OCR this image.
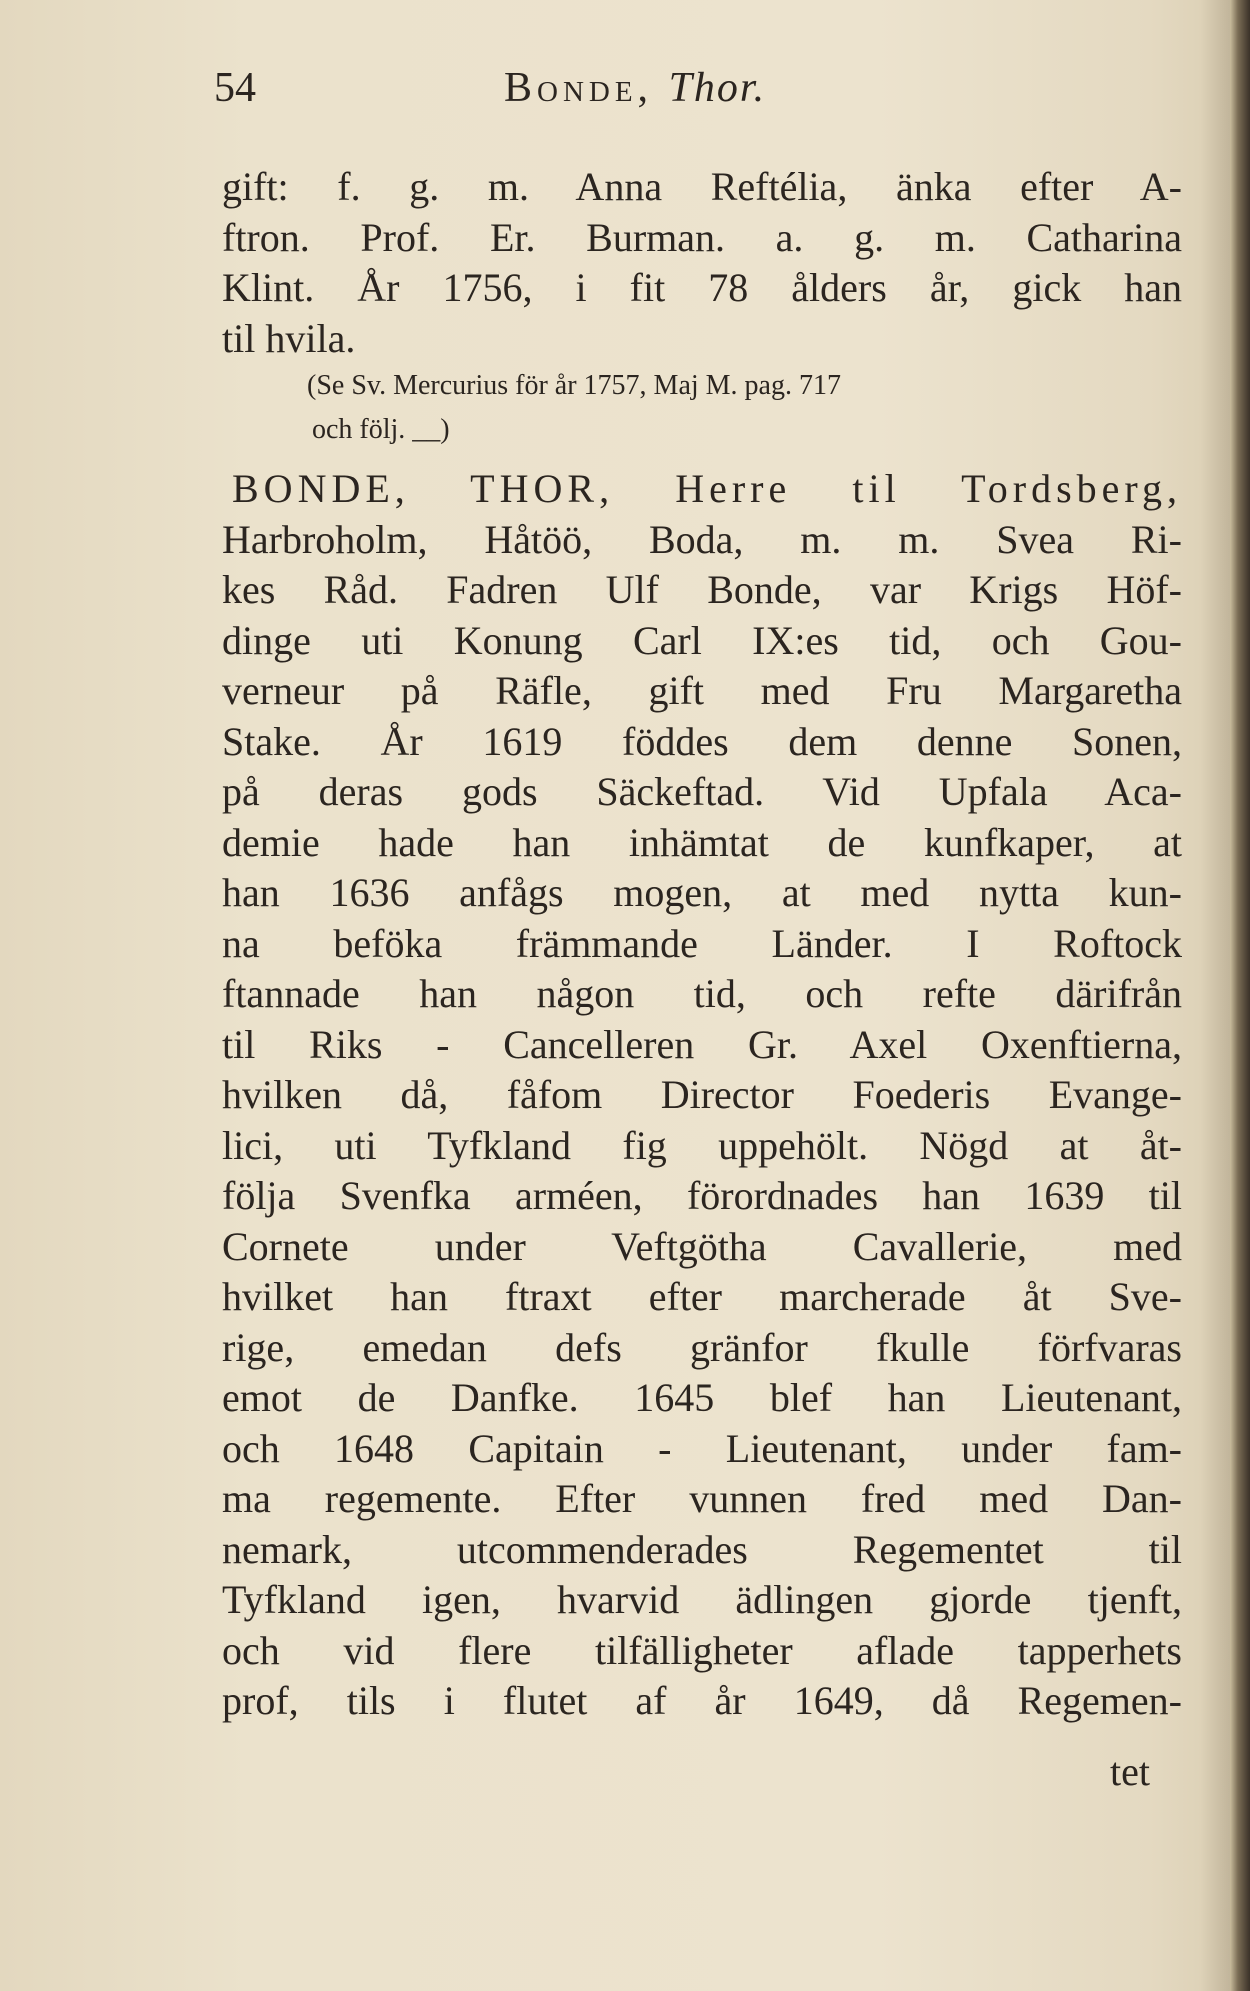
54	Bonde, Thor.
gift: f. g. m. Anna Reftélia, änka efter A-
ftron. Prof. Er. Burman. a. g. m. Catharina
Klint. År 1756, i fit 78 ålders år, gick han
til hvila.
(Se Sv. Mercurius för år 1757, Maj M. pag. 717
och följ. __)
BONDE, THOR, Herre til Tordsberg,
Harbroholm, Håtöö, Boda, m. m. Svea Ri-
kes Råd. Fadren Ulf Bonde, var Krigs Höf-
dinge uti Konung Carl IX:es tid, och Gou-
verneur på Räfle, gift med Fru Margaretha
Stake. År 1619 föddes dem denne Sonen,
på deras gods Säckeftad. Vid Upfala Aca-
demie hade han inhämtat de kunfkaper, at
han 1636 anfågs mogen, at med nytta kun-
na beföka främmande Länder. I Roftock
ftannade han någon tid, och refte därifrån
til Riks - Cancelleren Gr. Axel Oxenftierna,
hvilken då, fåfom Director Foederis Evange-
lici, uti Tyfkland fig uppehölt. Nögd at åt-
följa Svenfka arméen, förordnades han 1639 til
Cornete under Veftgötha Cavallerie, med
hvilket han ftraxt efter marcherade åt Sve-
rige, emedan defs gränfor fkulle förfvaras
emot de Danfke. 1645 blef han Lieutenant,
och 1648 Capitain - Lieutenant, under fam-
ma regemente. Efter vunnen fred med Dan-
nemark, utcommenderades Regementet til
Tyfkland igen, hvarvid ädlingen gjorde tjenft,
och vid flere tilfälligheter aflade tapperhets
prof, tils i flutet af år 1649, då Regemen-
tet
